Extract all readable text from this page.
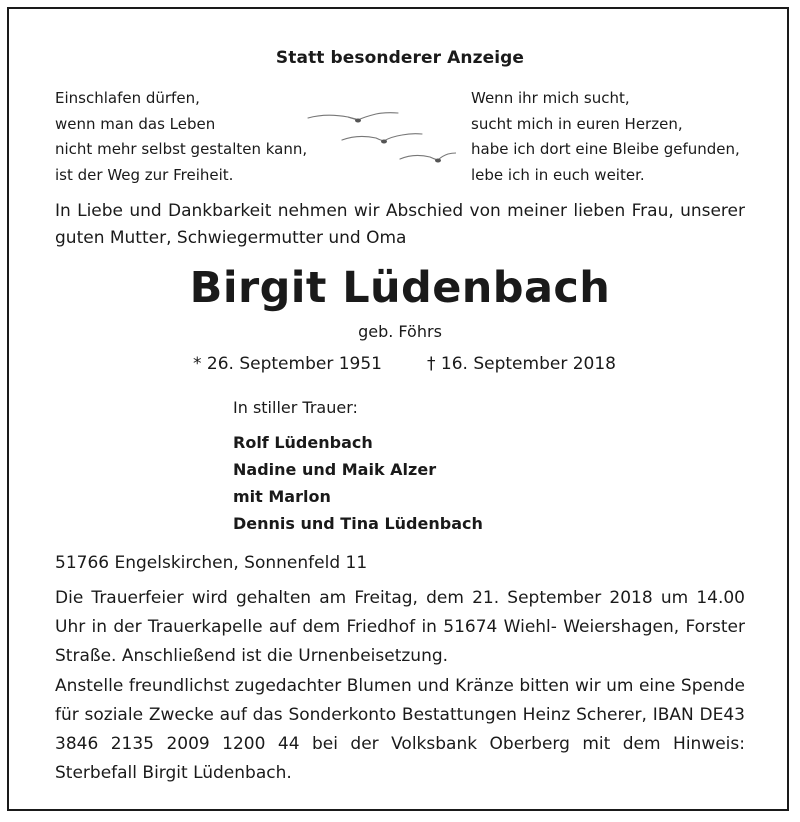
Statt besonderer Anzeige
Einschlafen dürfen,
wenn man das Leben
nicht mehr selbst gestalten kann,
ist der Weg zur Freiheit.
Wenn ihr mich sucht,
sucht mich in euren Herzen,
habe ich dort eine Bleibe gefunden,
lebe ich in euch weiter.
In Liebe und Dankbarkeit nehmen wir Abschied von meiner lieben Frau, unserer guten Mutter, Schwiegermutter und Oma
Birgit Lüdenbach
geb. Föhrs
* 26. September 1951	† 16. September 2018
In stiller Trauer:
Rolf Lüdenbach
Nadine und Maik Alzer
mit Marlon
Dennis und Tina Lüdenbach
51766 Engelskirchen, Sonnenfeld 11
Die Trauerfeier wird gehalten am Freitag, dem 21. September 2018 um 14.00 Uhr in der Trauerkapelle auf dem Friedhof in 51674 Wiehl- Weiershagen, Forster Straße. Anschließend ist die Urnenbeisetzung.
Anstelle freundlichst zugedachter Blumen und Kränze bitten wir um eine Spende für soziale Zwecke auf das Sonderkonto Bestattungen Heinz Scherer, IBAN DE43 3846 2135 2009 1200 44 bei der Volksbank Oberberg mit dem Hinweis: Sterbefall Birgit Lüdenbach.
